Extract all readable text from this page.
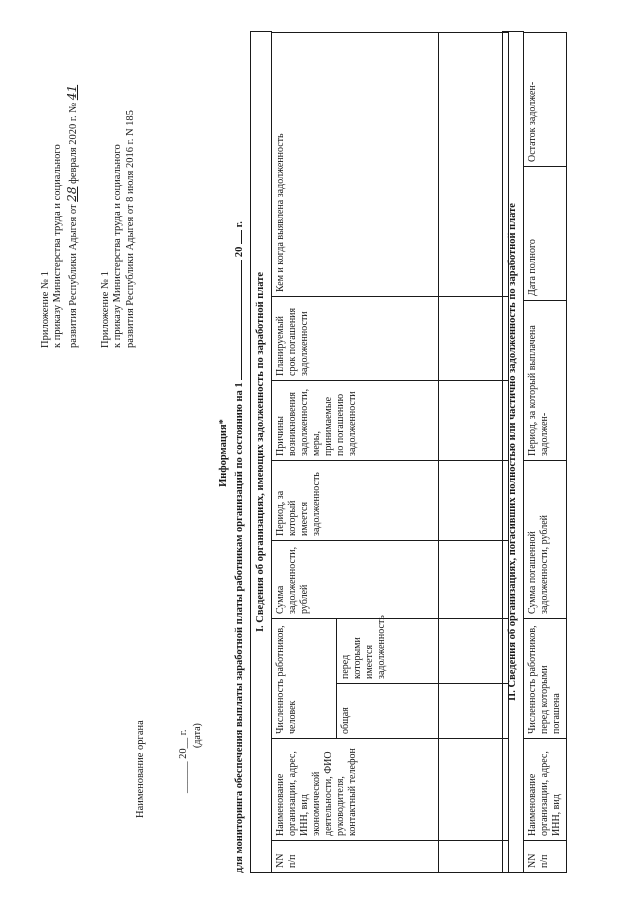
Приложение № 1 к приказу Министерства труда и социального развития Республики Адыгея от 28 февраля 2020 г. № 41
Приложение № 1 к приказу Министерства труда и социального развития Республики Адыгея от 8 июля 2016 г. N 185
Наименование органа	______ 20__ г. (дата)
Информация* для мониторинга обеспечения выплаты заработной платы работникам организаций по состоянию на 1  20  г.
I. Сведения об организациях, имеющих задолженность по заработной плате
NN п/п	Наименование организации, адрес, ИНН, вид экономической деятельности, ФИО руководителя, контактный телефон	Численность работников, человек		Сумма задолженности, рублей	Период, за который имеется задолженность	Причины возникновения задолженности, меры, принимаемые по погашению задолженности	Планируемый срок погашения задолженности	Кем и когда выявлена задолженность
		общая	перед которыми имеется задолженность					
									II. Сведения об организациях, погасивших полностью или частично задолженность по заработной плате
NN п/п	Наименование организации, адрес, ИНН, вид	Численность работников, перед которыми погашена	Сумма погашенной задолженности, рублей	Период, за который выплачена задолжен-	Дата полного	Остаток задолжен-
